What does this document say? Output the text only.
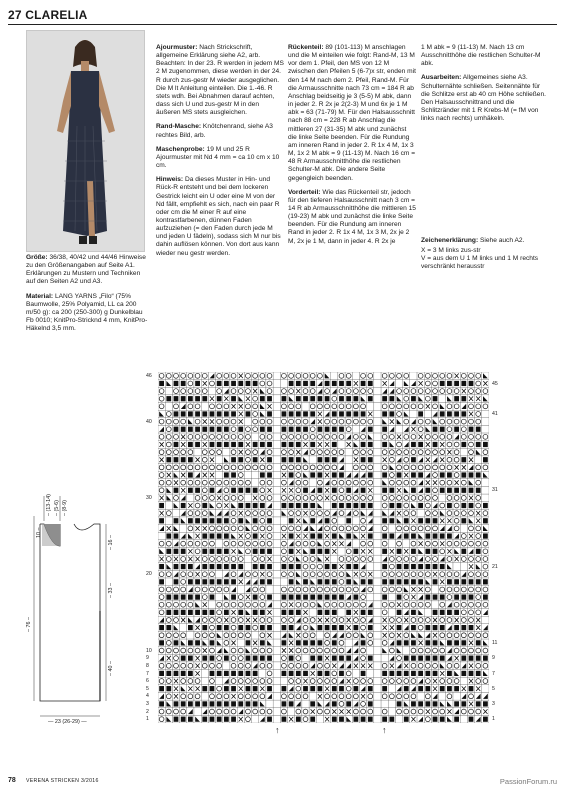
27 CLARELIA

Größe: 36/38, 40/42 und 44/46 Hinweise zu den Größenangaben auf Seite A1. Erklärungen zu Mustern und Techniken auf den Seiten A2 und A3.

Material: LANG YARNS „Filo“ (75% Baumwolle, 25% Polyamid, LL ca 200 m/50 g): ca 200 (250-300) g Dunkelblau Fb 0010; KnitPro-Stricknd 4 mm, KnitPro-Häkelnd 3,5 mm.

Ajourmuster: Nach Strickschrift, allgemeine Erklärung siehe A2, arb. Beachten: In der 23. R werden in jedem MS 2 M zugenommen, diese werden in der 24. R durch zus-gestr M wieder ausgeglichen. Die M lt Anleitung einteilen. Die 1.-46. R stets wdh. Bei Abnahmen darauf achten, dass sich U und zus-gestr M in den äußeren MS stets ausgleichen.

Rand-Masche: Knötchenrand, siehe A3 rechtes Bild, arb.

Maschenprobe: 19 M und 25 R Ajourmuster mit Nd 4 mm = ca 10 cm x 10 cm.

Hinweis: Da dieses Muster in Hin- und Rück-R entsteht und bei dem lockeren Gestrick leicht ein U oder eine M von der Nd fällt, empfiehlt es sich, nach ein paar R oder cm die M einer R auf eine kontrastfarbenen, dünnen Faden aufzuziehen (= den Faden durch jede M und jeden U fädeln), sodass sich M nur bis dahin auflösen können. Von dort aus kann wieder neu gestr werden.

Rückenteil: 89 (101-113) M anschlagen und die M einteilen wie folgt: Rand-M, 13 M vor dem 1. Pfeil, den MS von 12 M zwischen den Pfeilen 5 (6-7)x str, enden mit den 14 M nach dem 2. Pfeil, Rand-M. Für die Armausschnitte nach 73 cm = 184 R ab Anschlag beidseitig je 3 (5-5) M abk, dann in jeder 2. R 2x je 2(2-3) M und 6x je 1 M abk = 63 (71-79) M. Für den Halsausschnitt nach 88 cm = 228 R ab Anschlag die mittleren 27 (31-35) M abk und zunächst die linke Seite beenden. Für die Rundung am inneren Rand in jeder 2. R 1x 4 M, 1x 3 M, 1x 2 M abk = 9 (11-13) M. Nach 16 cm = 48 R Armausschnitthöhe die restlichen Schulter-M abk. Die andere Seite gegengleich beenden.

Vorderteil: Wie das Rückenteil str, jedoch für den tieferen Halsausschnitt nach 3 cm = 14 R ab Armausschnitthöhe die mittleren 15 (19-23) M abk und zunächst die linke Seite beenden. Für die Rundung am inneren Rand in jeder 2. R 1x 4 M, 1x 3 M, 2x je 2 M, 2x je 1 M, dann in jeder 4. R 2x je

1 M abk = 9 (11-13) M. Nach 13 cm Ausschnitthöhe die restlichen Schulter-M abk.

Ausarbeiten: Allgemeines siehe A3. Schulternähte schließen. Seitennähte für die Schlitze erst ab 40 cm Höhe schließen. Den Halsausschnittrand und die Schlitzränder mit 1 R Krebs-M (= fM von links nach rechts) umhäkeln.

Zeichenerklärung: Siehe auch A2.

X = 3 M links zus-str
V = aus dem U 1 M links und 1 M rechts verschränkt herausstr
10 –
– (13-14) – (5-6) – (8-9)
– 16 –
– 33 –
– 76 –
– 40 –
— 23 (26-29) —
46
40
30
20
10
9
8
7
6
5
4
3
2
1
45
41
31
21
11
9
7
5
3
1
↑	↑
78 VERENA STRICKEN 3/2016	PassionForum.ru
